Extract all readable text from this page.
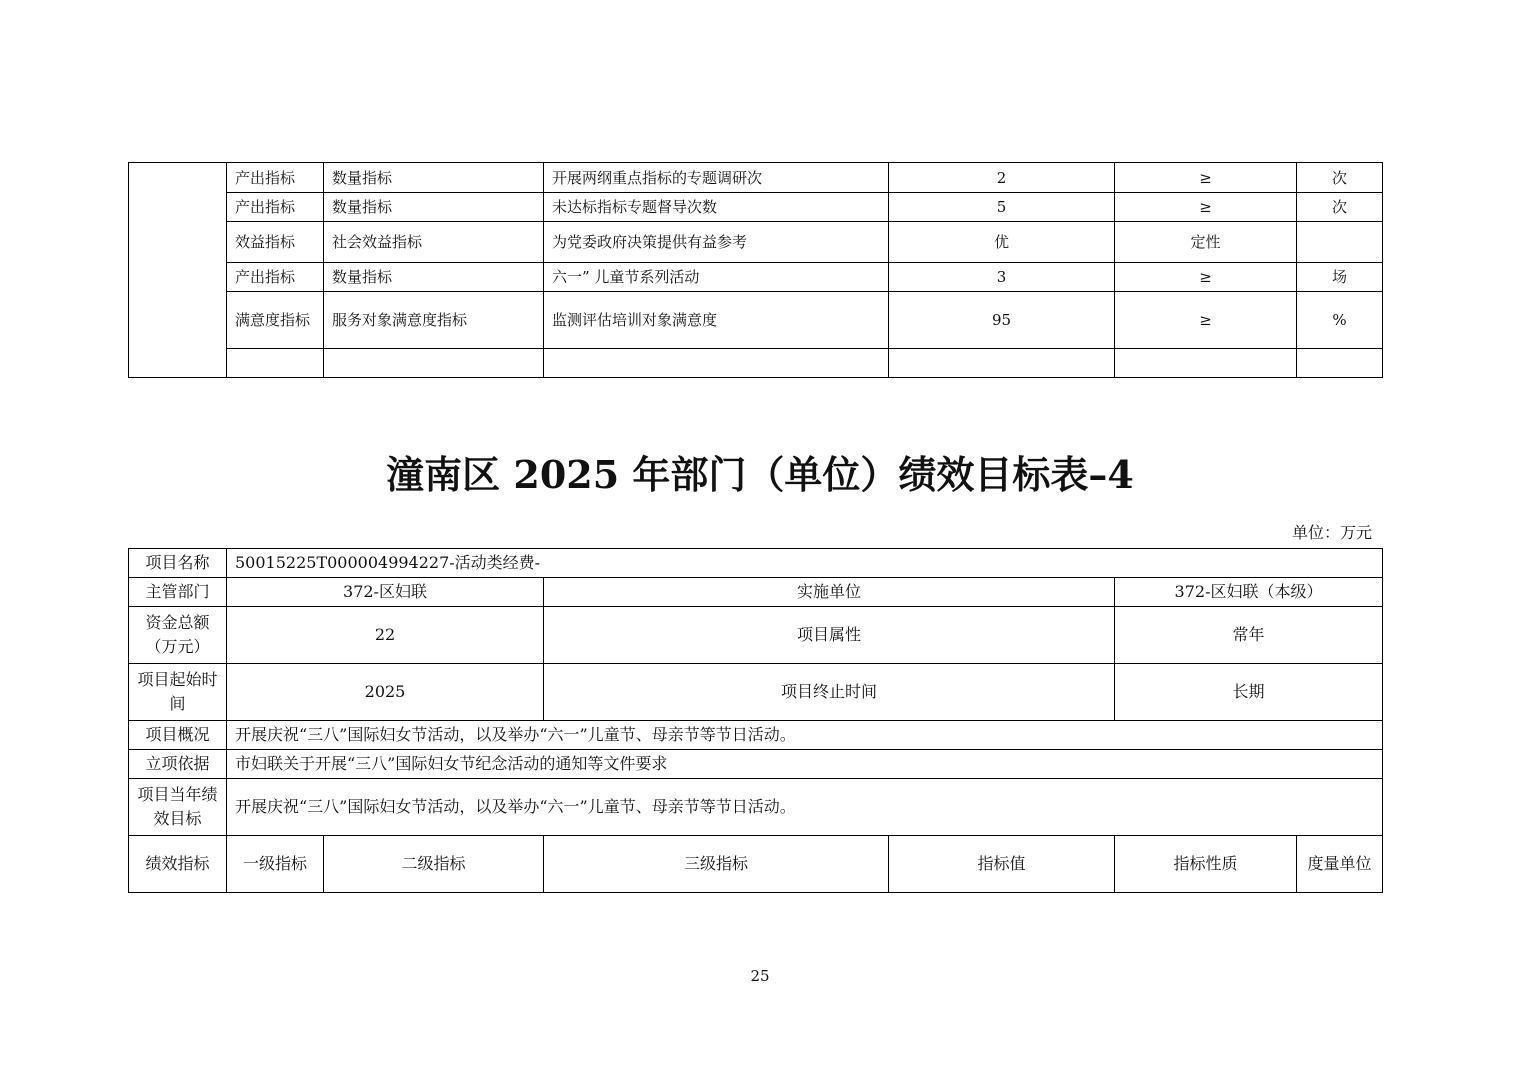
	产出指标	数量指标	开展两纲重点指标的专题调研次	2	≥	次
	产出指标	数量指标	未达标指标专题督导次数	5	≥	次
	效益指标	社会效益指标	为党委政府决策提供有益参考	优	定性	
	产出指标	数量指标	六一” 儿童节系列活动	3	≥	场
	满意度指标	服务对象满意度指标	监测评估培训对象满意度	95	≥	%

潼南区 2025 年部门（单位）绩效目标表–4
单位：万元
项目名称	50015225T000004994227-活动类经费-					
主管部门	372-区妇联		实施单位		372-区妇联（本级）	
资金总额（万元）	22		项目属性		常年	
项目起始时间	2025		项目终止时间		长期	
项目概况	开展庆祝“三八”国际妇女节活动，以及举办“六一”儿童节、母亲节等节日活动。					
立项依据	市妇联关于开展“三八”国际妇女节纪念活动的通知等文件要求					
项目当年绩效目标	开展庆祝“三八”国际妇女节活动，以及举办“六一”儿童节、母亲节等节日活动。					
绩效指标	一级指标	二级指标	三级指标	指标值	指标性质	度量单位
25
